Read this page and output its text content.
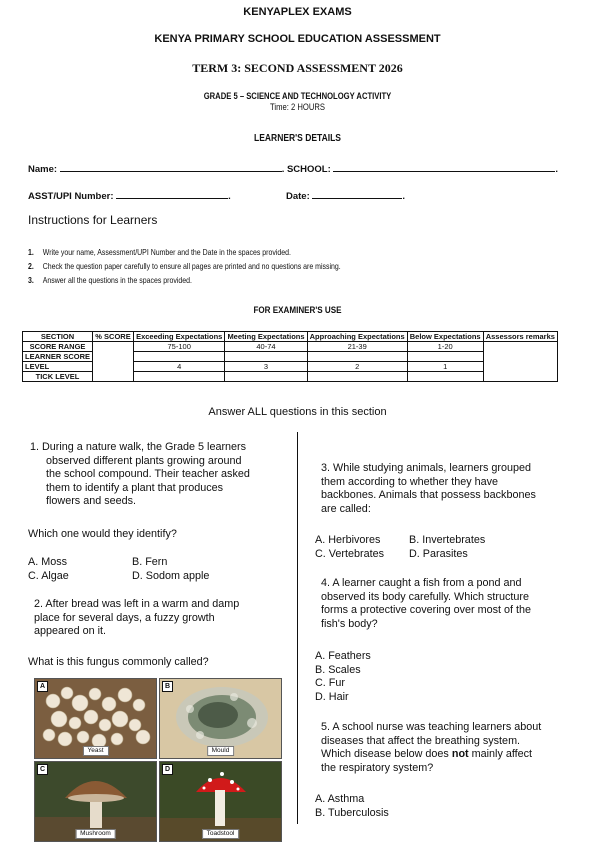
KENYAPLEX EXAMS
KENYA PRIMARY SCHOOL EDUCATION ASSESSMENT
TERM 3: SECOND ASSESSMENT 2026
GRADE 5 – SCIENCE AND TECHNOLOGY ACTIVITY
Time: 2 HOURS
LEARNER'S DETAILS
Name:	. SCHOOL:	.
ASST/UPI Number:	.	Date:	.
Instructions for Learners
1. Write your name, Assessment/UPI Number and the Date in the spaces provided.
2. Check the question paper carefully to ensure all pages are printed and no questions are missing.
3. Answer all the questions in the spaces provided.
FOR EXAMINER'S USE
SECTION	% SCORE	Exceeding Expectations	Meeting Expectations	Approaching Expectations	Below Expectations	Assessors remarks
SCORE RANGE		75-100	40-74	21-39	1-20	
LEARNER SCORE						
LEVEL		4	3	2	1	
TICK LEVEL						
Answer ALL questions in this section
1. During a nature walk, the Grade 5 learners
observed different plants growing around
the school compound. Their teacher asked
them to identify a plant that produces
flowers and seeds.
Which one would they identify?
A. Moss	B. Fern
C. Algae	D. Sodom apple
2. After bread was left in a warm and damp
place for several days, a fuzzy growth
appeared on it.
What is this fungus commonly called?
A
Yeast
B
Mould
C
Mushroom
D
Toadstool
3. While studying animals, learners grouped
them according to whether they have
backbones. Animals that possess backbones
are called:
A. Herbivores	B. Invertebrates
C. Vertebrates D. Parasites
4. A learner caught a fish from a pond and
observed its body carefully. Which structure
forms a protective covering over most of the
fish's body?
A. Feathers
B. Scales
C. Fur
D. Hair
5. A school nurse was teaching learners about
diseases that affect the breathing system.
Which disease below does not mainly affect
the respiratory system?
A. Asthma
B. Tuberculosis
